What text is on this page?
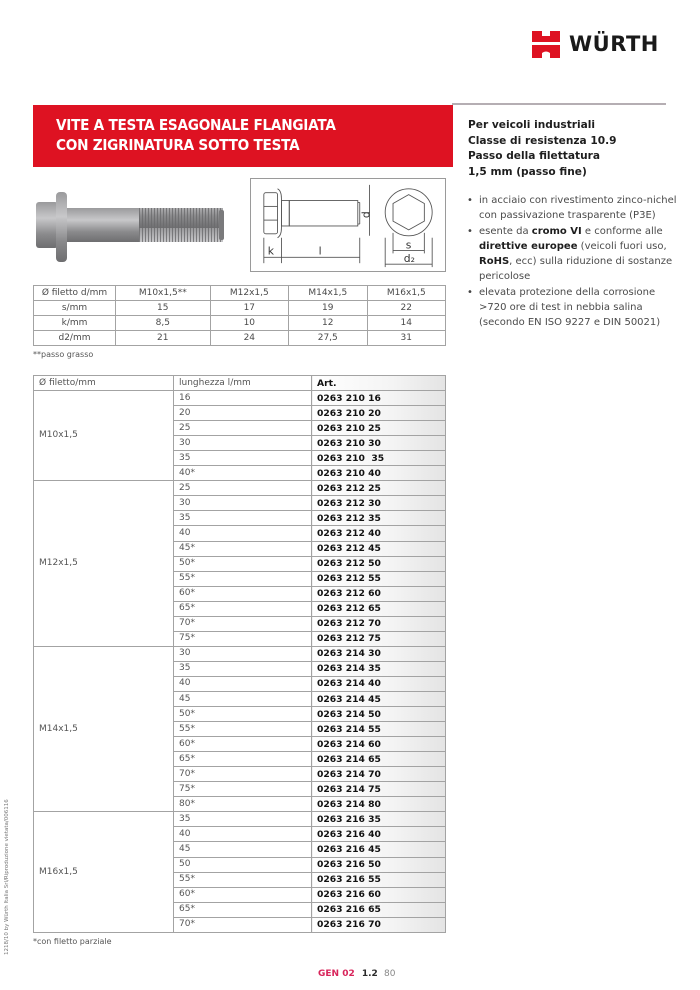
WÜRTH
VITE A TESTA ESAGONALE FLANGIATA
CON ZIGRINATURA SOTTO TESTA
Per veicoli industriali
Classe di resistenza 10.9
Passo della filettatura
1,5 mm (passo fine)
• in acciaio con rivestimento zinco-nichel con passivazione trasparente (P3E)
• esente da cromo VI e conforme alle direttive europee (veicoli fuori uso, RoHS, ecc) sulla riduzione di sostanze pericolose
• elevata protezione della corrosione >720 ore di test in nebbia salina (secondo EN ISO 9227 e DIN 50021)
k	l
d
s
d₂
Ø filetto d/mm	M10x1,5**	M12x1,5	M14x1,5	M16x1,5
s/mm	15	17	19	22
k/mm	8,5	10	12	14
d2/mm	21	24	27,5	31
**passo grasso
Ø filetto/mm	lunghezza l/mm	Art.
M10x1,5	16	0263 210 16
	20	0263 210 20
	25	0263 210 25
	30	0263 210 30
	35	0263 210  35
	40*	0263 210 40
M12x1,5	25	0263 212 25
	30	0263 212 30
	35	0263 212 35
	40	0263 212 40
	45*	0263 212 45
	50*	0263 212 50
	55*	0263 212 55
	60*	0263 212 60
	65*	0263 212 65
	70*	0263 212 70
	75*	0263 212 75
M14x1,5	30	0263 214 30
	35	0263 214 35
	40	0263 214 40
	45	0263 214 45
	50*	0263 214 50
	55*	0263 214 55
	60*	0263 214 60
	65*	0263 214 65
	70*	0263 214 70
	75*	0263 214 75
	80*	0263 214 80
M16x1,5	35	0263 216 35
	40	0263 216 40
	45	0263 216 45
	50	0263 216 50
	55*	0263 216 55
	60*	0263 216 60
	65*	0263 216 65
	70*	0263 216 70
*con filetto parziale
1218/10 by Würth Italia Srl/Riproduzione vietata/006116
GEN 02 1.2 80
